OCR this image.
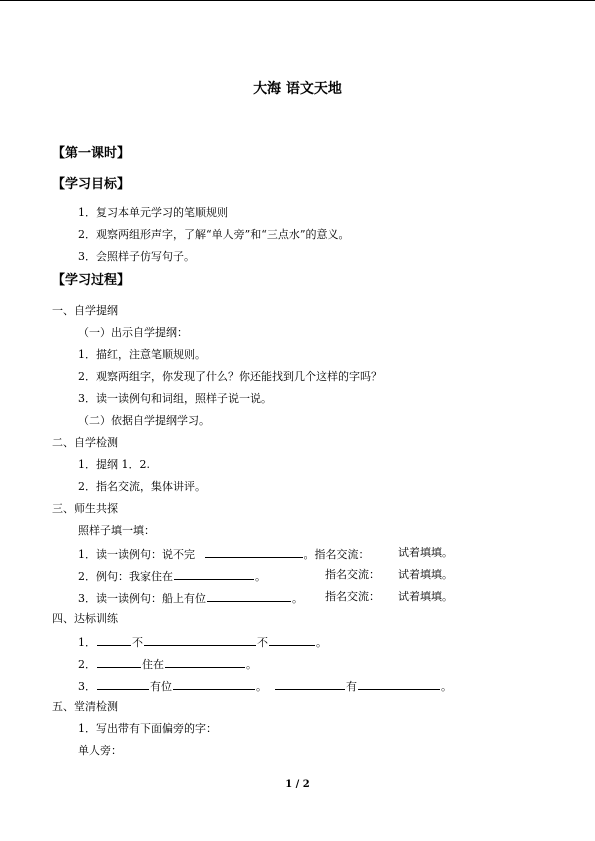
大海 语文天地
【第一课时】
【学习目标】
1．复习本单元学习的笔顺规则
2．观察两组形声字，了解“单人旁”和“三点水”的意义。
3．会照样子仿写句子。
【学习过程】
一、自学提纲
（一）出示自学提纲：
1．描红，注意笔顺规则。
2．观察两组字，你发现了什么？你还能找到几个这样的字吗？
3．读一读例句和词组，照样子说一说。
（二）依据自学提纲学习。
二、自学检测
1．提纲 1．2.
2．指名交流，集体讲评。
三、师生共探
照样子填一填：
1．读一读例句：说不完	。指名交流：	试着填填。
2．例句：我家住在	。	指名交流： 试着填填。
3．读一读例句：船上有位	。 指名交流： 试着填填。
四、达标训练
1．	不	不	。
2．	住在	。
3．	有位	。	有	。
五、堂清检测
1．写出带有下面偏旁的字：
单人旁：
1 / 2
